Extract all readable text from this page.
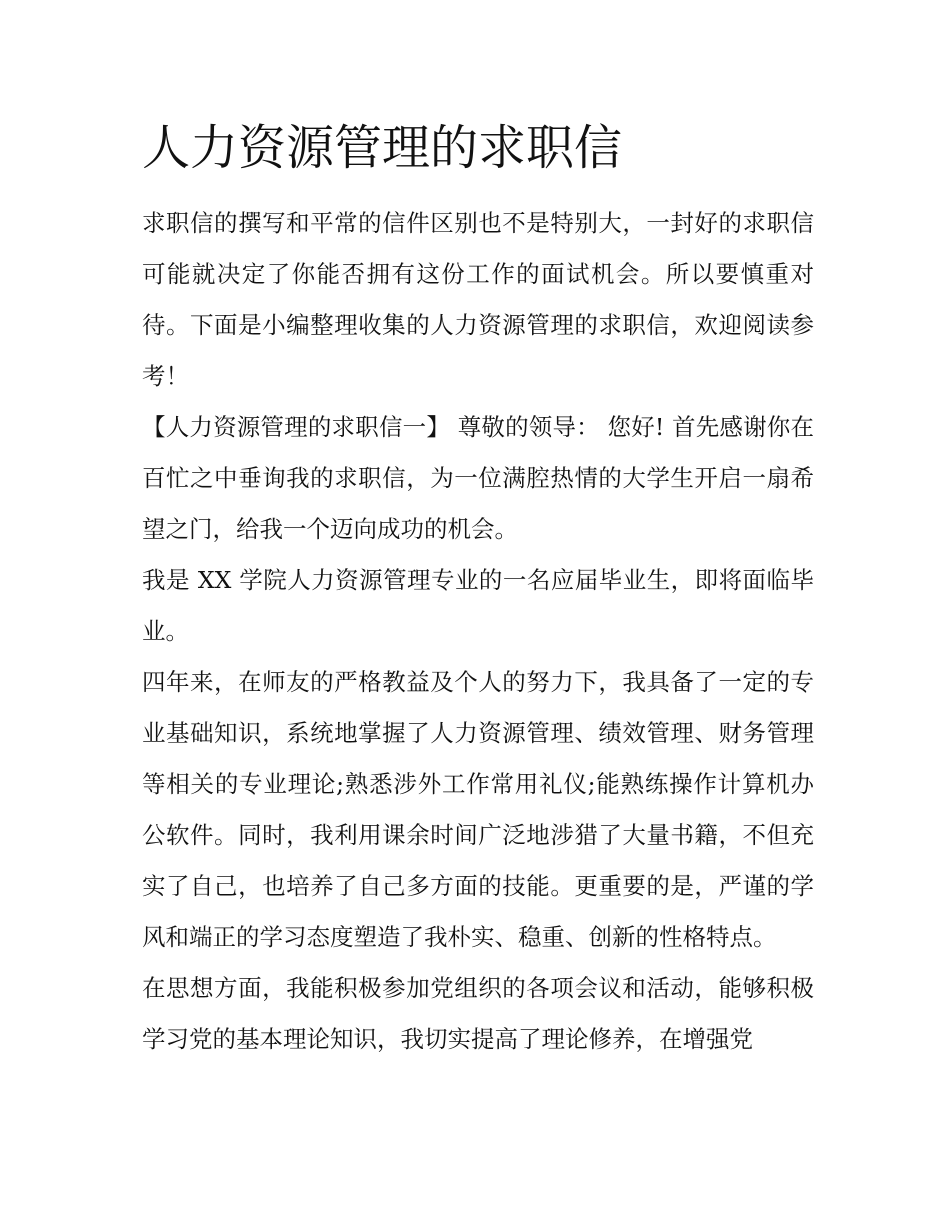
人力资源管理的求职信

求职信的撰写和平常的信件区别也不是特别大，一封好的求职信可能就决定了你能否拥有这份工作的面试机会。所以要慎重对待。下面是小编整理收集的人力资源管理的求职信，欢迎阅读参考！

【人力资源管理的求职信一】 尊敬的领导： 您好! 首先感谢你在百忙之中垂询我的求职信，为一位满腔热情的大学生开启一扇希望之门，给我一个迈向成功的机会。

我是 XX 学院人力资源管理专业的一名应届毕业生，即将面临毕业。

四年来，在师友的严格教益及个人的努力下，我具备了一定的专业基础知识，系统地掌握了人力资源管理、绩效管理、财务管理等相关的专业理论;熟悉涉外工作常用礼仪;能熟练操作计算机办公软件。同时，我利用课余时间广泛地涉猎了大量书籍，不但充实了自己，也培养了自己多方面的技能。更重要的是，严谨的学风和端正的学习态度塑造了我朴实、稳重、创新的性格特点。

在思想方面，我能积极参加党组织的各项会议和活动，能够积极学习党的基本理论知识，我切实提高了理论修养，在增强党
